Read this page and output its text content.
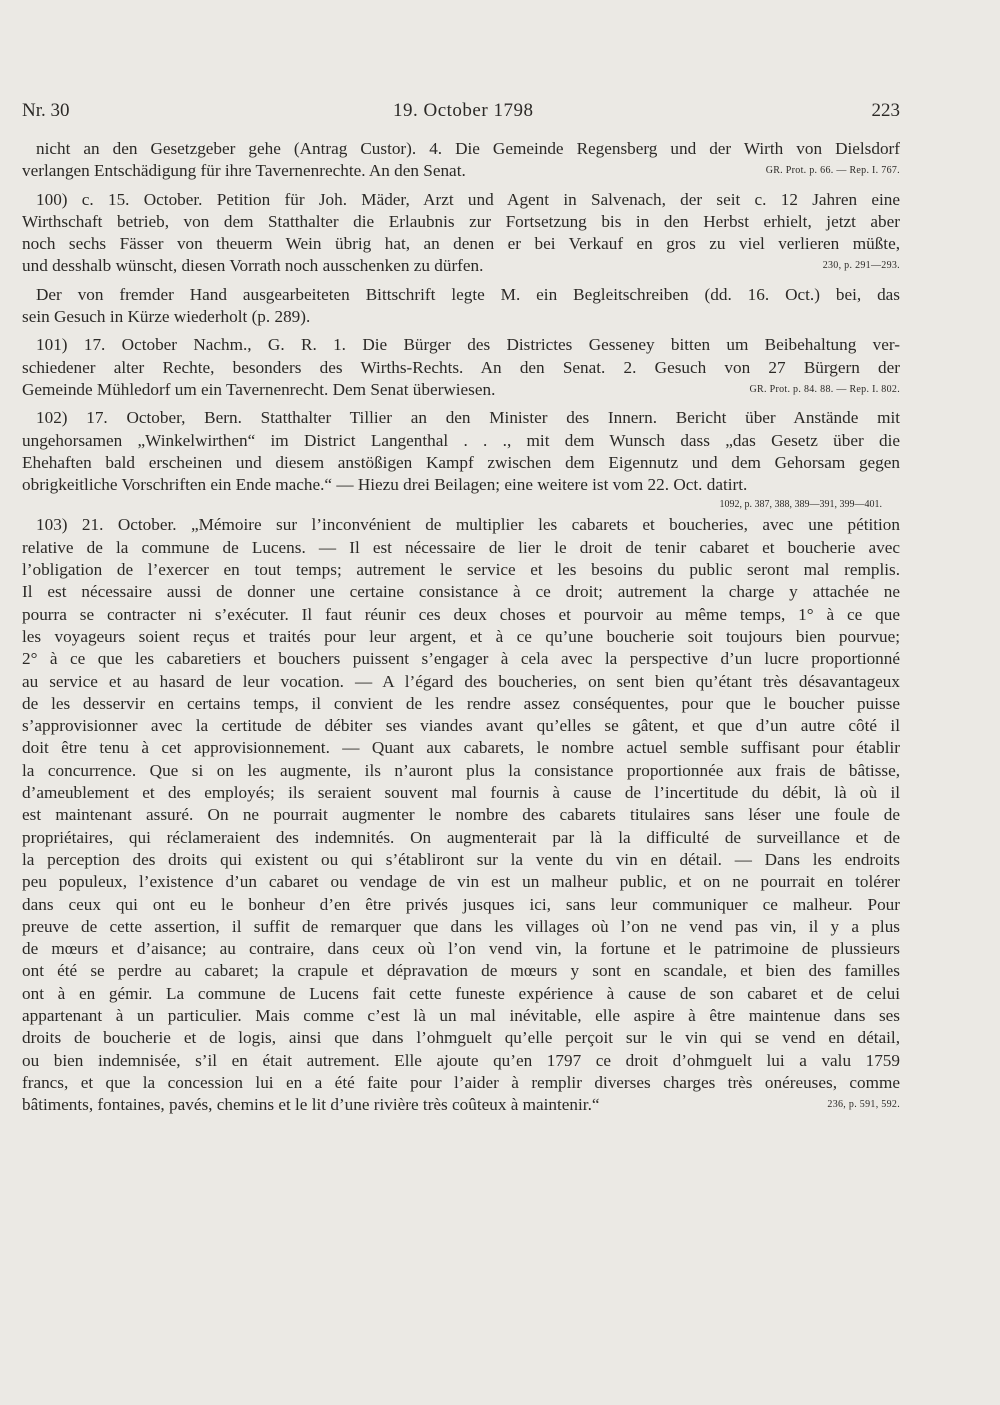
Nr. 30	19. October 1798	223
nicht an den Gesetzgeber gehe (Antrag Custor). 4. Die Gemeinde Regensberg und der Wirth von Dielsdorf
verlangen Entschädigung für ihre Tavernenrechte. An den Senat.	GR. Prot. p. 66. — Rep. I. 767.
100) c. 15. October. Petition für Joh. Mäder, Arzt und Agent in Salvenach, der seit c. 12 Jahren eine
Wirthschaft betrieb, von dem Statthalter die Erlaubnis zur Fortsetzung bis in den Herbst erhielt, jetzt aber
noch sechs Fässer von theuerm Wein übrig hat, an denen er bei Verkauf en gros zu viel verlieren müßte,
und desshalb wünscht, diesen Vorrath noch ausschenken zu dürfen.	230, p. 291—293.
Der von fremder Hand ausgearbeiteten Bittschrift legte M. ein Begleitschreiben (dd. 16. Oct.) bei, das
sein Gesuch in Kürze wiederholt (p. 289).
101) 17. October Nachm., G. R. 1. Die Bürger des Districtes Gesseney bitten um Beibehaltung ver-
schiedener alter Rechte, besonders des Wirths-Rechts. An den Senat. 2. Gesuch von 27 Bürgern der
Gemeinde Mühledorf um ein Tavernenrecht. Dem Senat überwiesen.	GR. Prot. p. 84. 88. — Rep. I. 802.
102) 17. October, Bern. Statthalter Tillier an den Minister des Innern. Bericht über Anstände mit
ungehorsamen „Winkelwirthen“ im District Langenthal . . ., mit dem Wunsch dass „das Gesetz über die
Ehehaften bald erscheinen und diesem anstößigen Kampf zwischen dem Eigennutz und dem Gehorsam gegen
obrigkeitliche Vorschriften ein Ende mache.“ — Hiezu drei Beilagen; eine weitere ist vom 22. Oct. datirt.
1092, p. 387, 388, 389—391, 399—401.
103) 21. October. „Mémoire sur l’inconvénient de multiplier les cabarets et boucheries, avec une pétition
relative de la commune de Lucens. — Il est nécessaire de lier le droit de tenir cabaret et boucherie avec
l’obligation de l’exercer en tout temps; autrement le service et les besoins du public seront mal remplis.
Il est nécessaire aussi de donner une certaine consistance à ce droit; autrement la charge y attachée ne
pourra se contracter ni s’exécuter. Il faut réunir ces deux choses et pourvoir au même temps, 1° à ce que
les voyageurs soient reçus et traités pour leur argent, et à ce qu’une boucherie soit toujours bien pourvue;
2° à ce que les cabaretiers et bouchers puissent s’engager à cela avec la perspective d’un lucre proportionné
au service et au hasard de leur vocation. — A l’égard des boucheries, on sent bien qu’étant très désavantageux
de les desservir en certains temps, il convient de les rendre assez conséquentes, pour que le boucher puisse
s’approvisionner avec la certitude de débiter ses viandes avant qu’elles se gâtent, et que d’un autre côté il
doit être tenu à cet approvisionnement. — Quant aux cabarets, le nombre actuel semble suffisant pour établir
la concurrence. Que si on les augmente, ils n’auront plus la consistance proportionnée aux frais de bâtisse,
d’ameublement et des employés; ils seraient souvent mal fournis à cause de l’incertitude du débit, là où il
est maintenant assuré. On ne pourrait augmenter le nombre des cabarets titulaires sans léser une foule de
propriétaires, qui réclameraient des indemnités. On augmenterait par là la difficulté de surveillance et de
la perception des droits qui existent ou qui s’établiront sur la vente du vin en détail. — Dans les endroits
peu populeux, l’existence d’un cabaret ou vendage de vin est un malheur public, et on ne pourrait en tolérer
dans ceux qui ont eu le bonheur d’en être privés jusques ici, sans leur communiquer ce malheur. Pour
preuve de cette assertion, il suffit de remarquer que dans les villages où l’on ne vend pas vin, il y a plus
de mœurs et d’aisance; au contraire, dans ceux où l’on vend vin, la fortune et le patrimoine de plussieurs
ont été se perdre au cabaret; la crapule et dépravation de mœurs y sont en scandale, et bien des familles
ont à en gémir. La commune de Lucens fait cette funeste expérience à cause de son cabaret et de celui
appartenant à un particulier. Mais comme c’est là un mal inévitable, elle aspire à être maintenue dans ses
droits de boucherie et de logis, ainsi que dans l’ohmguelt qu’elle perçoit sur le vin qui se vend en détail,
ou bien indemnisée, s’il en était autrement. Elle ajoute qu’en 1797 ce droit d’ohmguelt lui a valu 1759
francs, et que la concession lui en a été faite pour l’aider à remplir diverses charges très onéreuses, comme
bâtiments, fontaines, pavés, chemins et le lit d’une rivière très coûteux à maintenir.“	236, p. 591, 592.
